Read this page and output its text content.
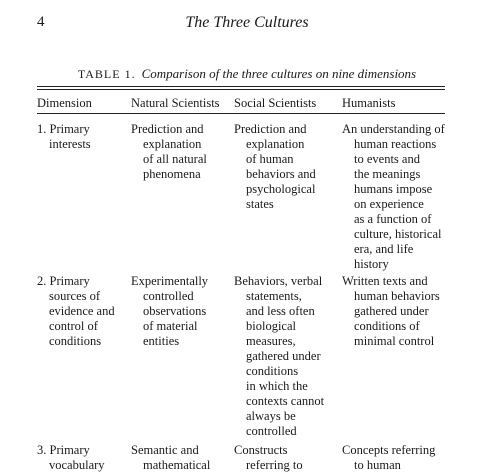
4	The Three Cultures
TABLE 1. Comparison of the three cultures on nine dimensions
Dimension	Natural Scientists Social Scientists Humanists
1. Primary
interests
Prediction and
explanation
of all natural
phenomena
Prediction and
explanation
of human
behaviors and
psychological
states
An understanding of
human reactions
to events and
the meanings
humans impose
on experience
as a function of
culture, historical
era, and life
history
2. Primary
sources of
evidence and
control of
conditions
Experimentally
controlled
observations
of material
entities
Behaviors, verbal
statements,
and less often
biological
measures,
gathered under
conditions
in which the
contexts cannot
always be
controlled
Written texts and
human behaviors
gathered under
conditions of
minimal control
3. Primary
vocabulary
Semantic and
mathematical
Constructs
referring to
Concepts referring
to human
